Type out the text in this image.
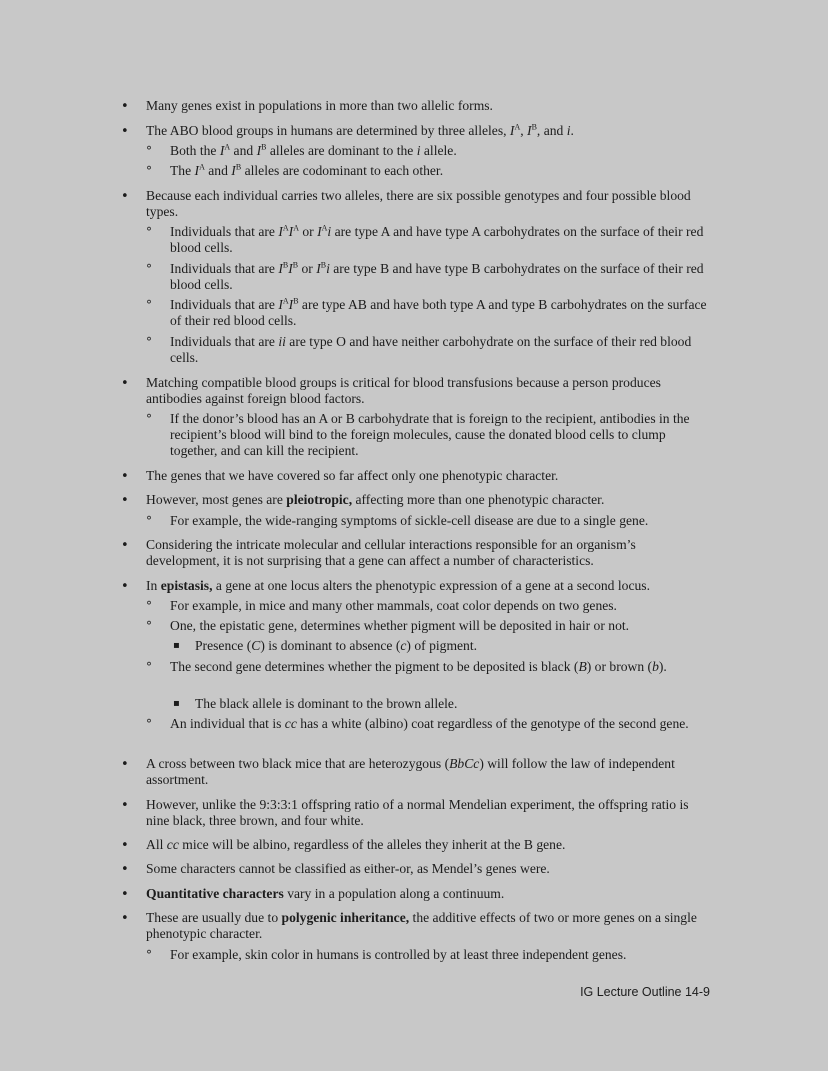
• Many genes exist in populations in more than two allelic forms.
• The ABO blood groups in humans are determined by three alleles, $I^A$, $I^B$, and i.
° Both the $I^A$ and $I^B$ alleles are dominant to the i allele.
° The $I^A$ and $I^B$ alleles are codominant to each other.
• Because each individual carries two alleles, there are six possible genotypes and four possible blood types.
° Individuals that are $I^AI^A$ or $I^Ai$ are type A and have type A carbohydrates on the surface of their red blood cells.
° Individuals that are $I^BI^B$ or $I^Bi$ are type B and have type B carbohydrates on the surface of their red blood cells.
° Individuals that are $I^AI^B$ are type AB and have both type A and type B carbohydrates on the surface of their red blood cells.
° Individuals that are ii are type O and have neither carbohydrate on the surface of their red blood cells.
• Matching compatible blood groups is critical for blood transfusions because a person produces antibodies against foreign blood factors.
° If the donor’s blood has an A or B carbohydrate that is foreign to the recipient, antibodies in the recipient’s blood will bind to the foreign molecules, cause the donated blood cells to clump together, and can kill the recipient.
• The genes that we have covered so far affect only one phenotypic character.
• However, most genes are pleiotropic, affecting more than one phenotypic character.
° For example, the wide-ranging symptoms of sickle-cell disease are due to a single gene.
• Considering the intricate molecular and cellular interactions responsible for an organism’s development, it is not surprising that a gene can affect a number of characteristics.
• In epistasis, a gene at one locus alters the phenotypic expression of a gene at a second locus.
° For example, in mice and many other mammals, coat color depends on two genes.
° One, the epistatic gene, determines whether pigment will be deposited in hair or not.
▪ Presence (C) is dominant to absence (c) of pigment.
° The second gene determines whether the pigment to be deposited is black (B) or brown (b).
▪ The black allele is dominant to the brown allele.
° An individual that is cc has a white (albino) coat regardless of the genotype of the second gene.
• A cross between two black mice that are heterozygous (BbCc) will follow the law of independent assortment.
• However, unlike the 9:3:3:1 offspring ratio of a normal Mendelian experiment, the offspring ratio is nine black, three brown, and four white.
• All cc mice will be albino, regardless of the alleles they inherit at the B gene.
• Some characters cannot be classified as either-or, as Mendel’s genes were.
• Quantitative characters vary in a population along a continuum.
• These are usually due to polygenic inheritance, the additive effects of two or more genes on a single phenotypic character.
° For example, skin color in humans is controlled by at least three independent genes.
IG Lecture Outline 14-9
